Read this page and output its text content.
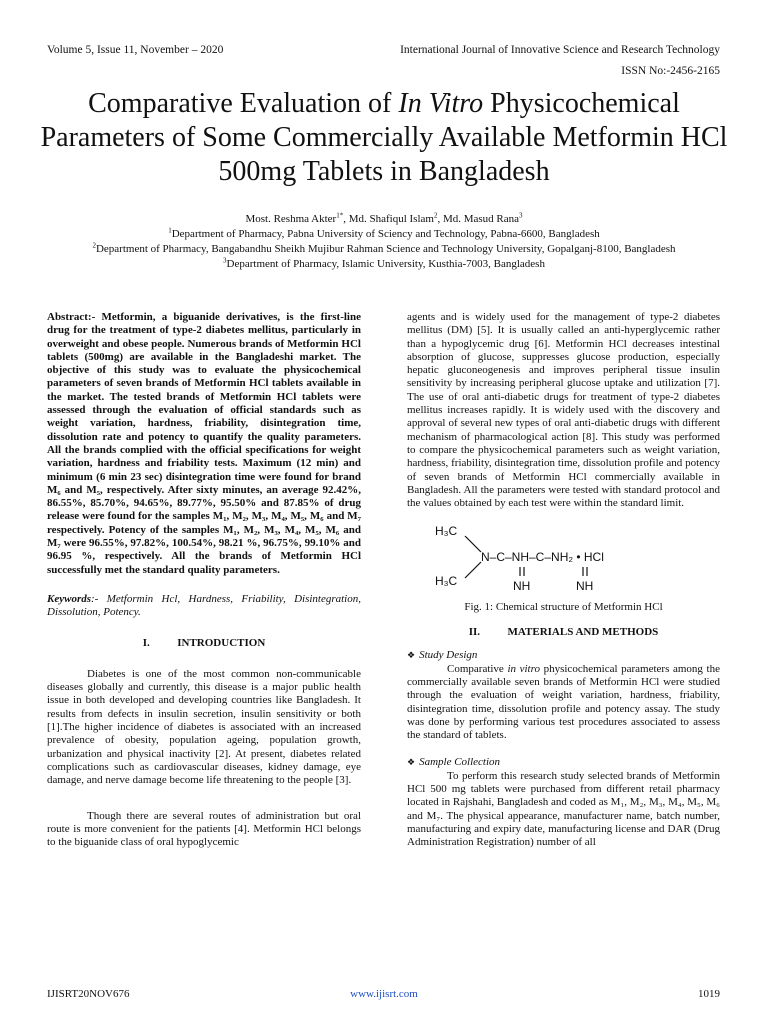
Volume 5, Issue 11, November – 2020	International Journal of Innovative Science and Research Technology
ISSN No:-2456-2165
Comparative Evaluation of In Vitro Physicochemical Parameters of Some Commercially Available Metformin HCl 500mg Tablets in Bangladesh
Most. Reshma Akter$^{1*}$, Md. Shafiqul Islam$^2$, Md. Masud Rana$^3$
$^1$Department of Pharmacy, Pabna University of Sciency and Technology, Pabna-6600, Bangladesh
$^2$Department of Pharmacy, Bangabandhu Sheikh Mujibur Rahman Science and Technology University, Gopalganj-8100, Bangladesh
$^3$Department of Pharmacy, Islamic University, Kusthia-7003, Bangladesh

Abstract:- Metformin, a biguanide derivatives, is the first-line drug for the treatment of type-2 diabetes mellitus, particularly in overweight and obese people. Numerous brands of Metformin HCl tablets (500mg) are available in the Bangladeshi market. The objective of this study was to evaluate the physicochemical parameters of seven brands of Metformin HCl tablets available in the market. The tested brands of Metformin HCl tablets were assessed through the evaluation of official standards such as weight variation, hardness, friability, disintegration time, dissolution rate and potency to quantify the quality parameters. All the brands complied with the official specifications for weight variation, hardness and friability tests. Maximum (12 min) and minimum (6 min 23 sec) disintegration time were found for brand M₆ and M₅, respectively. After sixty minutes, an average 92.42%, 86.55%, 85.70%, 94.65%, 89.77%, 95.50% and 87.85% of drug release were found for the samples M₁, M₂, M₃, M₄, M₅, M₆ and M₇ respectively. Potency of the samples M₁, M₂, M₃, M₄, M₅, M₆ and M₇ were 96.55%, 97.82%, 100.54%, 98.21 %, 96.75%, 99.10% and 96.95 %, respectively. All the brands of Metformin HCl successfully met the standard quality parameters.

Keywords:- Metformin Hcl, Hardness, Friability, Disintegration, Dissolution, Potency.

I.          INTRODUCTION

Diabetes is one of the most common non-communicable diseases globally and currently, this disease is a major public health issue in both developed and developing countries like Bangladesh. It results from defects in insulin secretion, insulin sensitivity or both [1].The higher incidence of diabetes is associated with an increased prevalence of obesity, population ageing, population growth, urbanization and physical inactivity [2]. At present, diabetes related complications such as cardiovascular diseases, kidney damage, eye damage, and nerve damage become life threatening to the people [3].

Though there are several routes of administration but oral route is more convenient for the patients [4]. Metformin HCl belongs to the biguanide class of oral hypoglycemic

agents and is widely used for the management of type-2 diabetes mellitus (DM) [5]. It is usually called an anti-hyperglycemic rather than a hypoglycemic drug [6]. Metformin HCl decreases intestinal absorption of glucose, suppresses glucose production, especially hepatic gluconeogenesis and improves peripheral tissue insulin sensitivity by increasing peripheral glucose uptake and utilization [7]. The use of oral anti-diabetic drugs for treatment of type-2 diabetes mellitus increases rapidly. It is widely used with the discovery and approval of several new types of oral anti-diabetic drugs with different mechanism of pharmacological action [8]. This study was performed to compare the physicochemical parameters such as weight variation, hardness, friability, disintegration time, dissolution profile and potency of seven brands of Metformin HCl commercially available in Bangladesh. All the parameters were tested with standard protocol and the values obtained by each test were within the standard limit.

H₃C
H₃C
N–C–NH–C–NH₂ • HCl
NH	NH

Fig. 1: Chemical structure of Metformin HCl

II.          MATERIALS AND METHODS

❖ Study Design

Comparative in vitro physicochemical parameters among the commercially available seven brands of Metformin HCl were studied through the evaluation of weight variation, hardness, friability, disintegration time, dissolution profile and potency assay. The study was done by performing various test procedures associated to assess the standard of tablets.

❖ Sample Collection

To perform this research study selected brands of Metformin HCl 500 mg tablets were purchased from different retail pharmacy located in Rajshahi, Bangladesh and coded as M₁, M₂, M₃, M₄, M₅, M₆ and M₇. The physical appearance, manufacturer name, batch number, manufacturing and expiry date, manufacturing license and DAR (Drug Administration Registration) number of all

IJISRT20NOV676	www.ijisrt.com	1019
